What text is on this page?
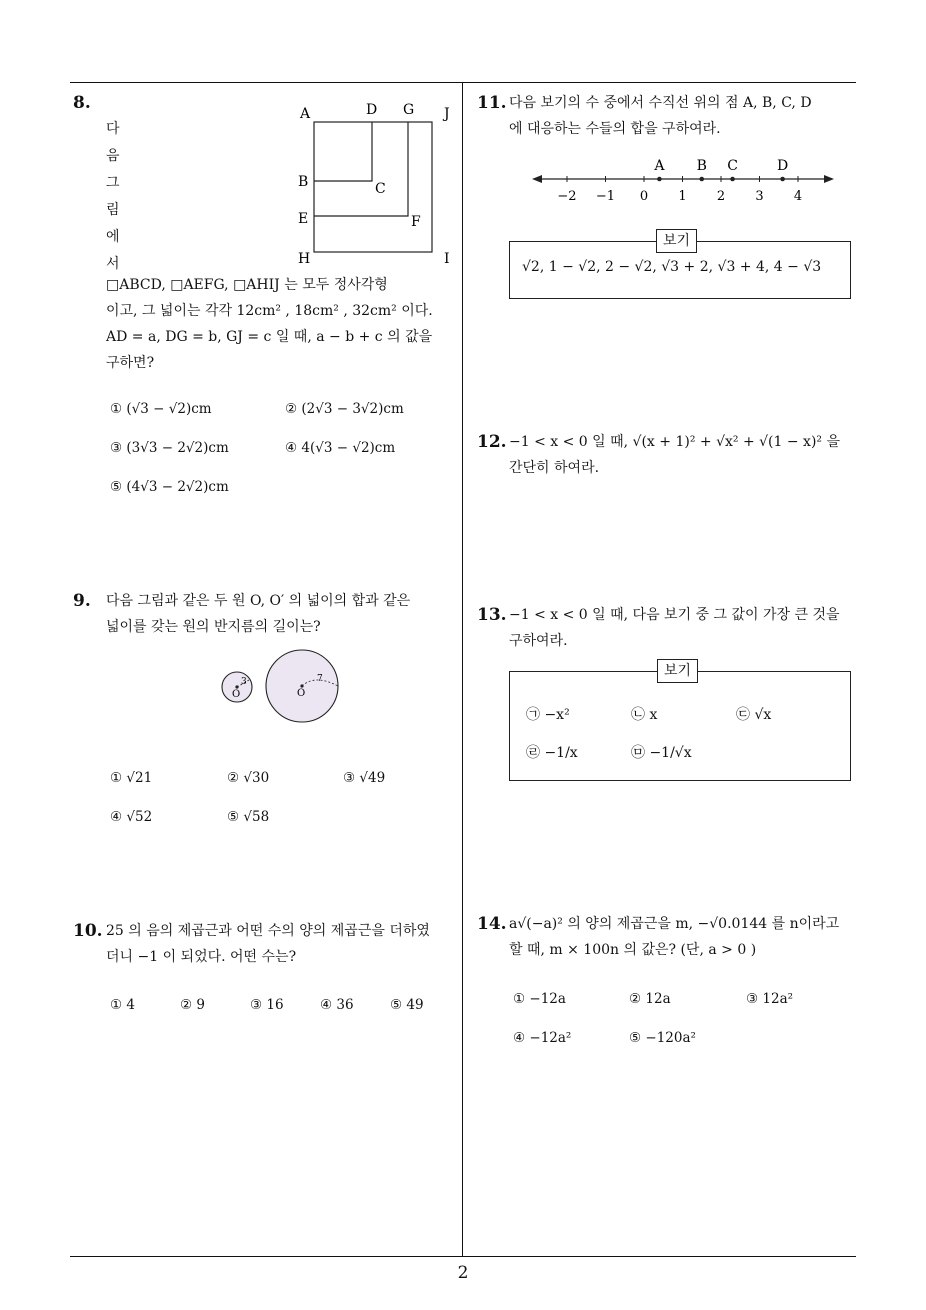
2
8.
다
음
그
림
에
서
A	D G J
B	C
E	F
H	I
□ABCD, □AEFG, □AHIJ 는 모두 정사각형
이고, 그 넓이는 각각 12cm² , 18cm² , 32cm² 이다.
AD = a, DG = b, GJ = c 일 때, a − b + c 의 값을
구하면?
① (√3 − √2)cm	② (2√3 − 3√2)cm
③ (3√3 − 2√2)cm	④ 4(√3 − √2)cm
⑤ (4√3 − 2√2)cm
9. 다음 그림과 같은 두 원 O, O′ 의 넓이의 합과 같은
넓이를 갖는 원의 반지름의 길이는?
3
O
7
O
① √21	② √30	③ √49
④ √52	⑤ √58
10. 25 의 음의 제곱근과 어떤 수의 양의 제곱근을 더하였
더니 −1 이 되었다. 어떤 수는?
① 4	② 9	③ 16	④ 36	⑤ 49
11. 다음 보기의 수 중에서 수직선 위의 점 A, B, C, D
에 대응하는 수들의 합을 구하여라.
−2 −1 0 1 2 3 4
A B C	D
보기
√2, 1 − √2, 2 − √2, √3 + 2, √3 + 4, 4 − √3
12. −1 < x < 0 일 때, √(x + 1)² + √x² + √(1 − x)² 을
간단히 하여라.
13. −1 < x < 0 일 때, 다음 보기 중 그 값이 가장 큰 것을
구하여라.
보기
㉠ −x²	㉡ x	㉢ √x
㉣ −1/x	㉤ −1/√x
14. a√(−a)² 의 양의 제곱근을 m, −√0.0144 를 n이라고
할 때, m × 100n 의 값은? (단, a > 0 )
① −12a	② 12a	③ 12a²
④ −12a²	⑤ −120a²
